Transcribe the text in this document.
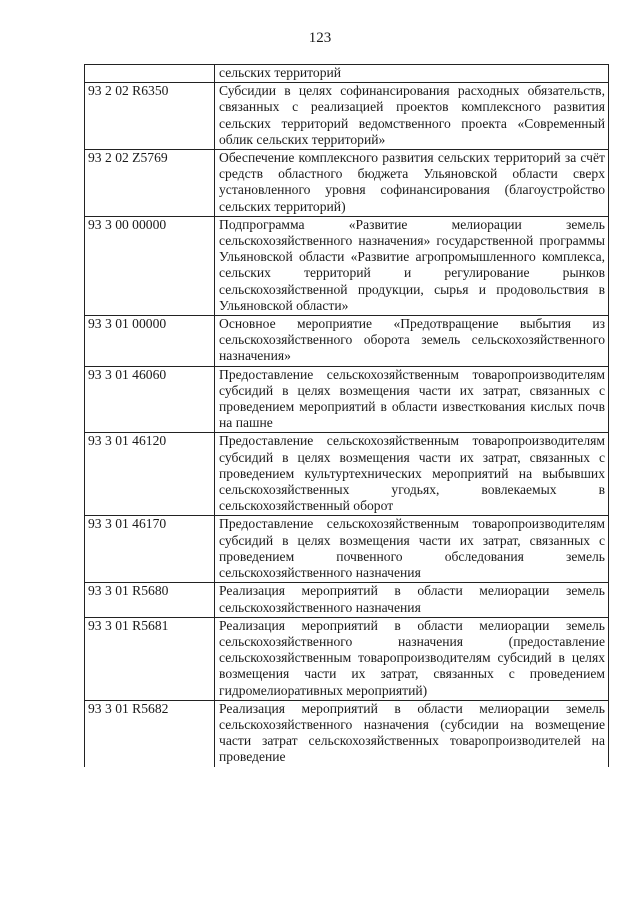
123
	сельских территорий
93 2 02 R6350	Субсидии в целях софинансирования расходных обязательств, связанных с реализацией проектов комплексного развития сельских территорий ведомственного проекта «Современный облик сельских территорий»
93 2 02 Z5769	Обеспечение комплексного развития сельских территорий за счёт средств областного бюджета Ульяновской области сверх установленного уровня софинансирования (благоустройство сельских территорий)
93 3 00 00000	Подпрограмма «Развитие мелиорации земель сельскохозяйственного назначения» государственной программы Ульяновской области «Развитие агропромышленного комплекса, сельских территорий и регулирование рынков сельскохозяйственной продукции, сырья и продовольствия в Ульяновской области»
93 3 01 00000	Основное мероприятие «Предотвращение выбытия из сельскохозяйственного оборота земель сельскохозяйственного назначения»
93 3 01 46060	Предоставление сельскохозяйственным товаропроизводителям субсидий в целях возмещения части их затрат, связанных с проведением мероприятий в области известкования кислых почв на пашне
93 3 01 46120	Предоставление сельскохозяйственным товаропроизводителям субсидий в целях возмещения части их затрат, связанных с проведением культуртехнических мероприятий на выбывших сельскохозяйственных угодьях, вовлекаемых в сельскохозяйственный оборот
93 3 01 46170	Предоставление сельскохозяйственным товаропроизводителям субсидий в целях возмещения части их затрат, связанных с проведением почвенного обследования земель сельскохозяйственного назначения
93 3 01 R5680	Реализация мероприятий в области мелиорации земель сельскохозяйственного назначения
93 3 01 R5681	Реализация мероприятий в области мелиорации земель сельскохозяйственного назначения (предоставление сельскохозяйственным товаропроизводителям субсидий в целях возмещения части их затрат, связанных с проведением гидромелиоративных мероприятий)
93 3 01 R5682	Реализация мероприятий в области мелиорации земель сельскохозяйственного назначения (субсидии на возмещение части затрат сельскохозяйственных товаропроизводителей на проведение
